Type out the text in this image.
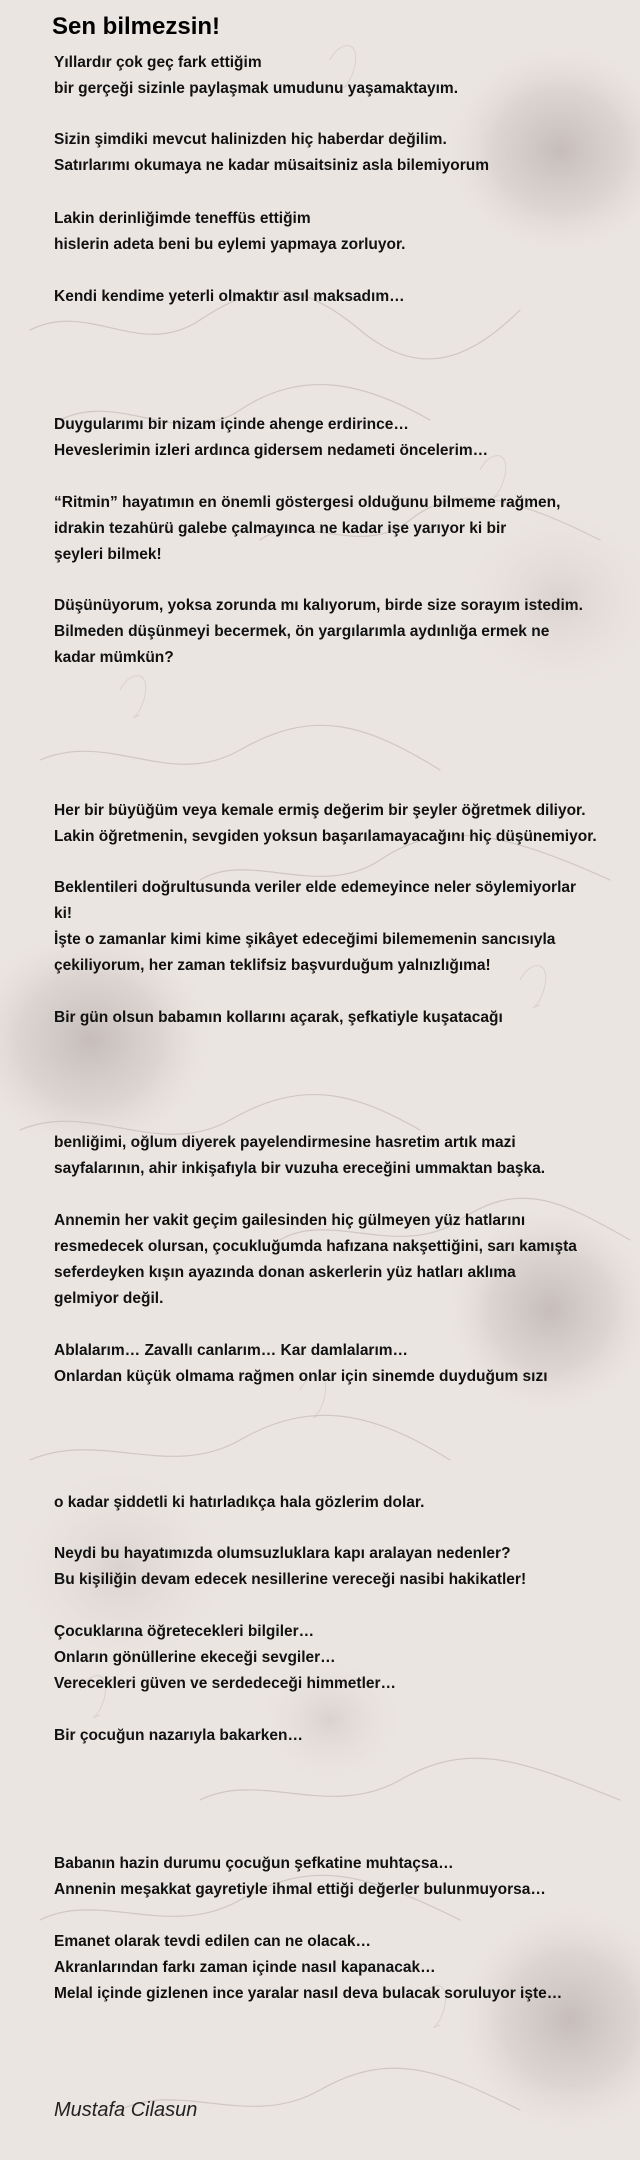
Sen bilmezsin!
Yıllardır çok geç fark ettiğim
bir gerçeği sizinle paylaşmak umudunu yaşamaktayım.
Sizin şimdiki mevcut halinizden hiç haberdar değilim.
Satırlarımı okumaya ne kadar müsaitsiniz asla bilemiyorum
Lakin derinliğimde teneffüs ettiğim
hislerin adeta beni bu eylemi yapmaya zorluyor.
Kendi kendime yeterli olmaktır asıl maksadım…
Duygularımı bir nizam içinde ahenge erdirince…
Heveslerimin izleri ardınca gidersem nedameti öncelerim…
“Ritmin” hayatımın en önemli göstergesi olduğunu bilmeme rağmen,
idrakin tezahürü galebe çalmayınca ne kadar işe yarıyor ki bir
şeyleri bilmek!
Düşünüyorum, yoksa zorunda mı kalıyorum, birde size sorayım istedim.
Bilmeden düşünmeyi becermek, ön yargılarımla aydınlığa ermek ne
kadar mümkün?
Her bir büyüğüm veya kemale ermiş değerim bir şeyler öğretmek diliyor.
Lakin öğretmenin, sevgiden yoksun başarılamayacağını hiç düşünemiyor.
Beklentileri doğrultusunda veriler elde edemeyince neler söylemiyorlar
ki!
İşte o zamanlar kimi kime şikâyet edeceğimi bilememenin sancısıyla
çekiliyorum, her zaman teklifsiz başvurduğum yalnızlığıma!
Bir gün olsun babamın kollarını açarak, şefkatiyle kuşatacağı
benliğimi, oğlum diyerek payelendirmesine hasretim artık mazi
sayfalarının, ahir inkişafıyla bir vuzuha ereceğini ummaktan başka.
Annemin her vakit geçim gailesinden hiç gülmeyen yüz hatlarını
resmedecek olursan, çocukluğumda hafızana nakşettiğini, sarı kamışta
seferdeyken kışın ayazında donan askerlerin yüz hatları aklıma
gelmiyor değil.
Ablalarım… Zavallı canlarım… Kar damlalarım…
Onlardan küçük olmama rağmen onlar için sinemde duyduğum sızı
o kadar şiddetli ki hatırladıkça hala gözlerim dolar.
Neydi bu hayatımızda olumsuzluklara kapı aralayan nedenler?
Bu kişiliğin devam edecek nesillerine vereceği nasibi hakikatler!
Çocuklarına öğretecekleri bilgiler…
Onların gönüllerine ekeceği sevgiler…
Verecekleri güven ve serdedeceği himmetler…
Bir çocuğun nazarıyla bakarken…
Babanın hazin durumu çocuğun şefkatine muhtaçsa…
Annenin meşakkat gayretiyle ihmal ettiği değerler bulunmuyorsa…
Emanet olarak tevdi edilen can ne olacak…
Akranlarından farkı zaman içinde nasıl kapanacak…
Melal içinde gizlenen ince yaralar nasıl deva bulacak soruluyor işte…
Mustafa Cilasun
